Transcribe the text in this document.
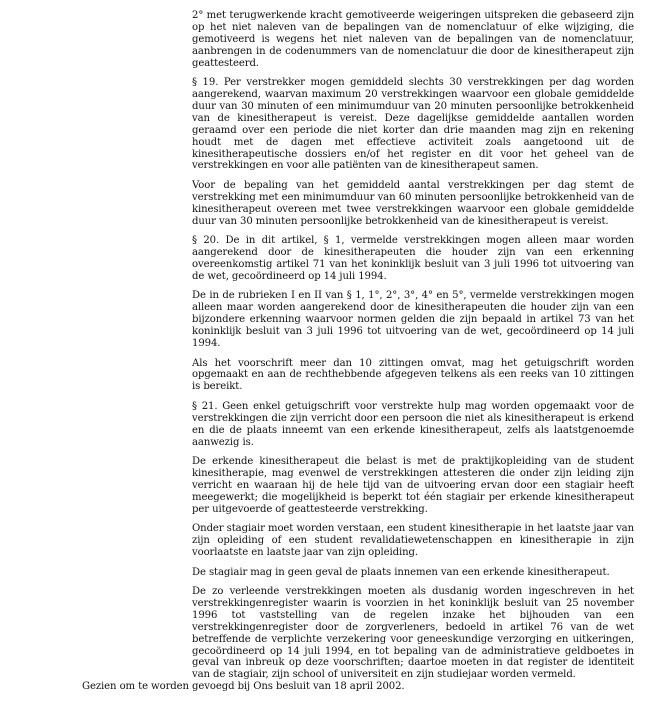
2° met terugwerkende kracht gemotiveerde weigeringen uitspreken die gebaseerd zijn op het niet naleven van de bepalingen van de nomenclatuur of elke wijziging, die gemotiveerd is wegens het niet naleven van de bepalingen van de nomenclatuur, aanbrengen in de codenummers van de nomenclatuur die door de kinesitherapeut zijn geattesteerd.

§ 19. Per verstrekker mogen gemiddeld slechts 30 verstrekkingen per dag worden aangerekend, waarvan maximum 20 verstrekkingen waarvoor een globale gemiddelde duur van 30 minuten of een minimumduur van 20 minuten persoonlijke betrokkenheid van de kinesitherapeut is vereist. Deze dagelijkse gemiddelde aantallen worden geraamd over een periode die niet korter dan drie maanden mag zijn en rekening houdt met de dagen met effectieve activiteit zoals aangetoond uit de kinesitherapeutische dossiers en/of het register en dit voor het geheel van de verstrekkingen en voor alle patiënten van de kinesitherapeut samen.

Voor de bepaling van het gemiddeld aantal verstrekkingen per dag stemt de verstrekking met een minimumduur van 60 minuten persoonlijke betrokkenheid van de kinesitherapeut overeen met twee verstrekkingen waarvoor een globale gemiddelde duur van 30 minuten persoonlijke betrokkenheid van de kinesitherapeut is vereist.

§ 20. De in dit artikel, § 1, vermelde verstrekkingen mogen alleen maar worden aangerekend door de kinesitherapeuten die houder zijn van een erkenning overeenkomstig artikel 71 van het koninklijk besluit van 3 juli 1996 tot uitvoering van de wet, gecoördineerd op 14 juli 1994.

De in de rubrieken I en II van § 1, 1°, 2°, 3°, 4° en 5°, vermelde verstrekkingen mogen alleen maar worden aangerekend door de kinesitherapeuten die houder zijn van een bijzondere erkenning waarvoor normen gelden die zijn bepaald in artikel 73 van het koninklijk besluit van 3 juli 1996 tot uitvoering van de wet, gecoördineerd op 14 juli 1994.

Als het voorschrift meer dan 10 zittingen omvat, mag het getuigschrift worden opgemaakt en aan de rechthebbende afgegeven telkens als een reeks van 10 zittingen is bereikt.

§ 21. Geen enkel getuigschrift voor verstrekte hulp mag worden opgemaakt voor de verstrekkingen die zijn verricht door een persoon die niet als kinesitherapeut is erkend en die de plaats inneemt van een erkende kinesitherapeut, zelfs als laatstgenoemde aanwezig is.

De erkende kinesitherapeut die belast is met de praktijkopleiding van de student kinesitherapie, mag evenwel de verstrekkingen attesteren die onder zijn leiding zijn verricht en waaraan hij de hele tijd van de uitvoering ervan door een stagiair heeft meegewerkt; die mogelijkheid is beperkt tot één stagiair per erkende kinesitherapeut per uitgevoerde of geattesteerde verstrekking.

Onder stagiair moet worden verstaan, een student kinesitherapie in het laatste jaar van zijn opleiding of een student revalidatiewetenschappen en kinesitherapie in zijn voorlaatste en laatste jaar van zijn opleiding.

De stagiair mag in geen geval de plaats innemen van een erkende kinesitherapeut.

De zo verleende verstrekkingen moeten als dusdanig worden ingeschreven in het verstrekkingenregister waarin is voorzien in het koninklijk besluit van 25 november 1996 tot vaststelling van de regelen inzake het bijhouden van een verstrekkingenregister door de zorgverleners, bedoeld in artikel 76 van de wet betreffende de verplichte verzekering voor geneeskundige verzorging en uitkeringen, gecoördineerd op 14 juli 1994, en tot bepaling van de administratieve geldboetes in geval van inbreuk op deze voorschriften; daartoe moeten in dat register de identiteit van de stagiair, zijn school of universiteit en zijn studiejaar worden vermeld.

Gezien om te worden gevoegd bij Ons besluit van 18 april 2002.
